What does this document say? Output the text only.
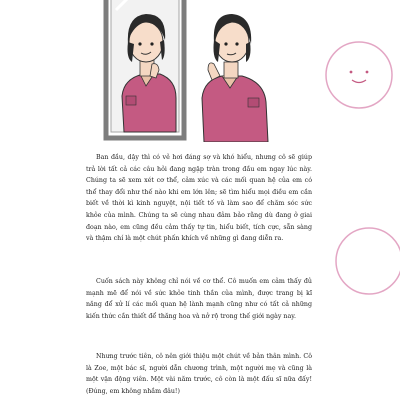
Ban đầu, dậy thì có vẻ hơi đáng sợ và khó hiểu, nhưng cô sẽ giúp trả lời tất cả các câu hỏi đang ngập tràn trong đầu em ngay lúc này. Chúng ta sẽ xem xét cơ thể, cảm xúc và các mối quan hệ của em có thể thay đổi như thế nào khi em lớn lên; sẽ tìm hiểu mọi điều em cần biết về thời kì kinh nguyệt, nội tiết tố và làm sao để chăm sóc sức khỏe của mình. Chúng ta sẽ cùng nhau đảm bảo rằng dù đang ở giai đoạn nào, em cũng đều cảm thấy tự tin, hiểu biết, tích cực, sẵn sàng và thậm chí là một chút phấn khích về những gì đang diễn ra.

Cuốn sách này không chỉ nói về cơ thể. Cô muốn em cảm thấy đủ mạnh mẽ để nói về sức khỏe tinh thần của mình, được trang bị kĩ năng để xử lí các mối quan hệ lành mạnh cũng như có tất cả những kiến thức cần thiết để thăng hoa và nở rộ trong thế giới ngày nay.

Nhưng trước tiên, cô nên giới thiệu một chút về bản thân mình. Cô là Zoe, một bác sĩ, người dẫn chương trình, một người mẹ và cũng là một vận động viên. Một vài năm trước, cô còn là một đấu sĩ nữa đấy! (Đúng, em không nhầm đâu!)
